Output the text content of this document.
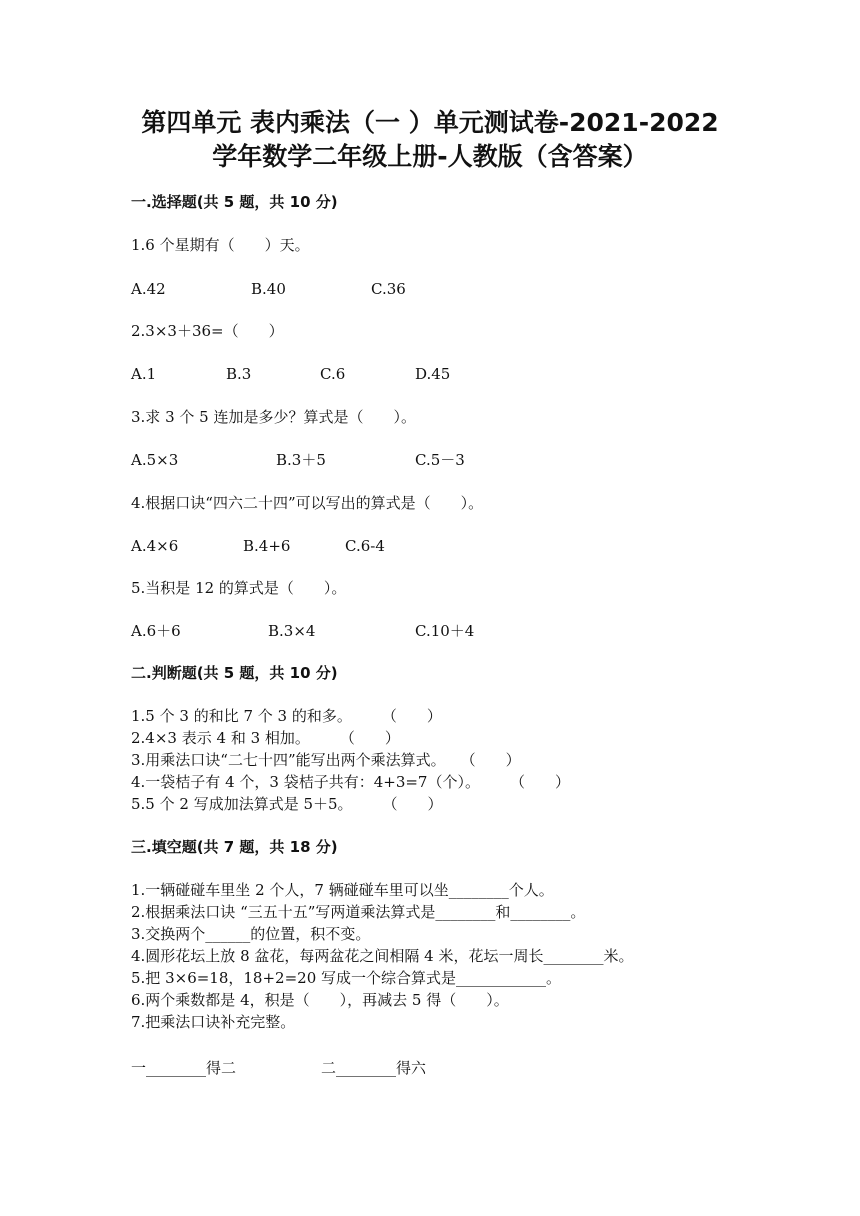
第四单元 表内乘法（一 ）单元测试卷-2021-2022
学年数学二年级上册-人教版（含答案）
一.选择题(共 5 题，共 10 分)
1.6 个星期有（　　）天。
A.42	B.40	C.36
2.3×3＋36=（　　）
A.1	B.3	C.6	D.45
3.求 3 个 5 连加是多少？算式是（　　）。
A.5×3	B.3＋5	C.5－3
4.根据口诀“四六二十四”可以写出的算式是（　　）。
A.4×6	B.4+6	C.6-4
5.当积是 12 的算式是（　　）。
A.6＋6	B.3×4	C.10＋4
二.判断题(共 5 题，共 10 分)
1.5 个 3 的和比 7 个 3 的和多。　　　（　　）
2.4×3 表示 4 和 3 相加。　　　（　　）
3.用乘法口诀“二七十四”能写出两个乘法算式。　　（　　）
4.一袋桔子有 4 个，3 袋桔子共有：4+3=7（个）。　　　（　　）
5.5 个 2 写成加法算式是 5＋5。　　　（　　）
三.填空题(共 7 题，共 18 分)
1.一辆碰碰车里坐 2 个人，7 辆碰碰车里可以坐________个人。
2.根据乘法口诀 “三五十五”写两道乘法算式是________和________。
3.交换两个______的位置，积不变。
4.圆形花坛上放 8 盆花，每两盆花之间相隔 4 米，花坛一周长________米。
5.把 3×6=18，18+2=20 写成一个综合算式是____________。
6.两个乘数都是 4，积是（　　），再减去 5 得（　　）。
7.把乘法口诀补充完整。
一________得二	二________得六
